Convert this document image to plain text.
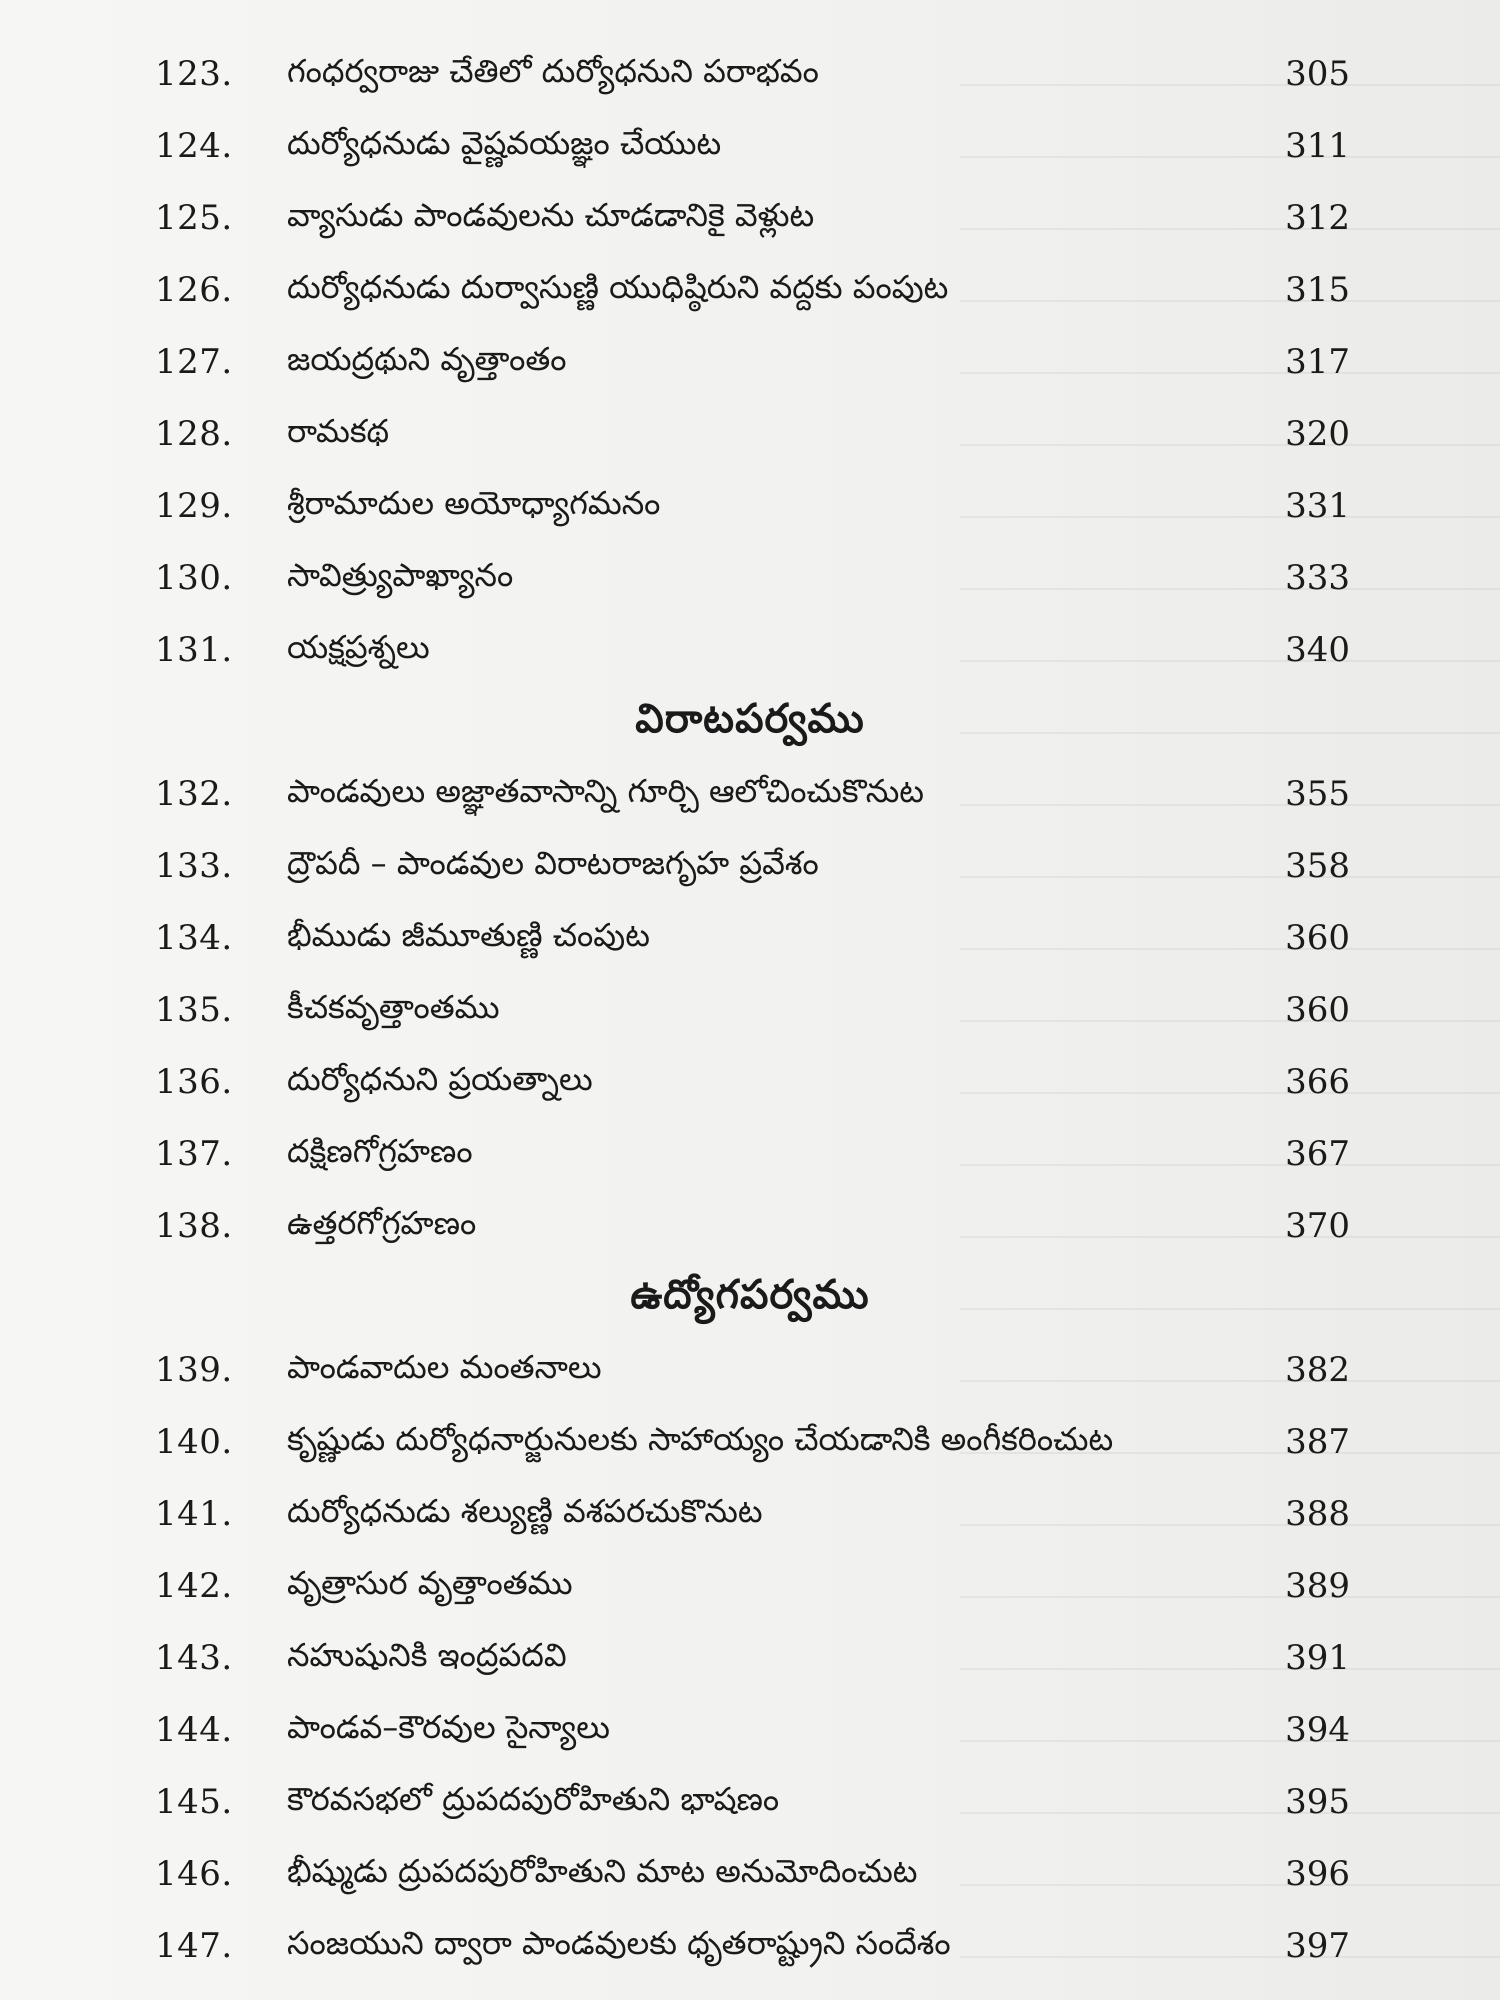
123.	గంధర్వరాజు చేతిలో దుర్యోధనుని పరాభవం	305
124.	దుర్యోధనుడు వైష్ణవయజ్ఞం చేయుట	311
125.	వ్యాసుడు పాండవులను చూడడానికై వెళ్లుట	312
126.	దుర్యోధనుడు దుర్వాసుణ్ణి యుధిష్ఠిరుని వద్దకు పంపుట	315
127.	జయద్రథుని వృత్తాంతం	317
128.	రామకథ	320
129.	శ్రీరామాదుల అయోధ్యాగమనం	331
130.	సావిత్ర్యుపాఖ్యానం	333
131.	యక్షప్రశ్నలు	340
విరాటపర్వము
132.	పాండవులు అజ్ఞాతవాసాన్ని గూర్చి ఆలోచించుకొనుట	355
133.	ద్రౌపదీ – పాండవుల విరాటరాజగృహ ప్రవేశం	358
134.	భీముడు జీమూతుణ్ణి చంపుట	360
135.	కీచకవృత్తాంతము	360
136.	దుర్యోధనుని ప్రయత్నాలు	366
137.	దక్షిణగోగ్రహణం	367
138.	ఉత్తరగోగ్రహణం	370
ఉద్యోగపర్వము
139.	పాండవాదుల మంతనాలు	382
140.	కృష్ణుడు దుర్యోధనార్జునులకు సాహాయ్యం చేయడానికి అంగీకరించుట	387
141.	దుర్యోధనుడు శల్యుణ్ణి వశపరచుకొనుట	388
142.	వృత్రాసుర వృత్తాంతము	389
143.	నహుషునికి ఇంద్రపదవి	391
144.	పాండవ–కౌరవుల సైన్యాలు	394
145.	కౌరవసభలో ద్రుపదపురోహితుని భాషణం	395
146.	భీష్ముడు ద్రుపదపురోహితుని మాట అనుమోదించుట	396
147.	సంజయుని ద్వారా పాండవులకు ధృతరాష్ట్రుని సందేశం	397
